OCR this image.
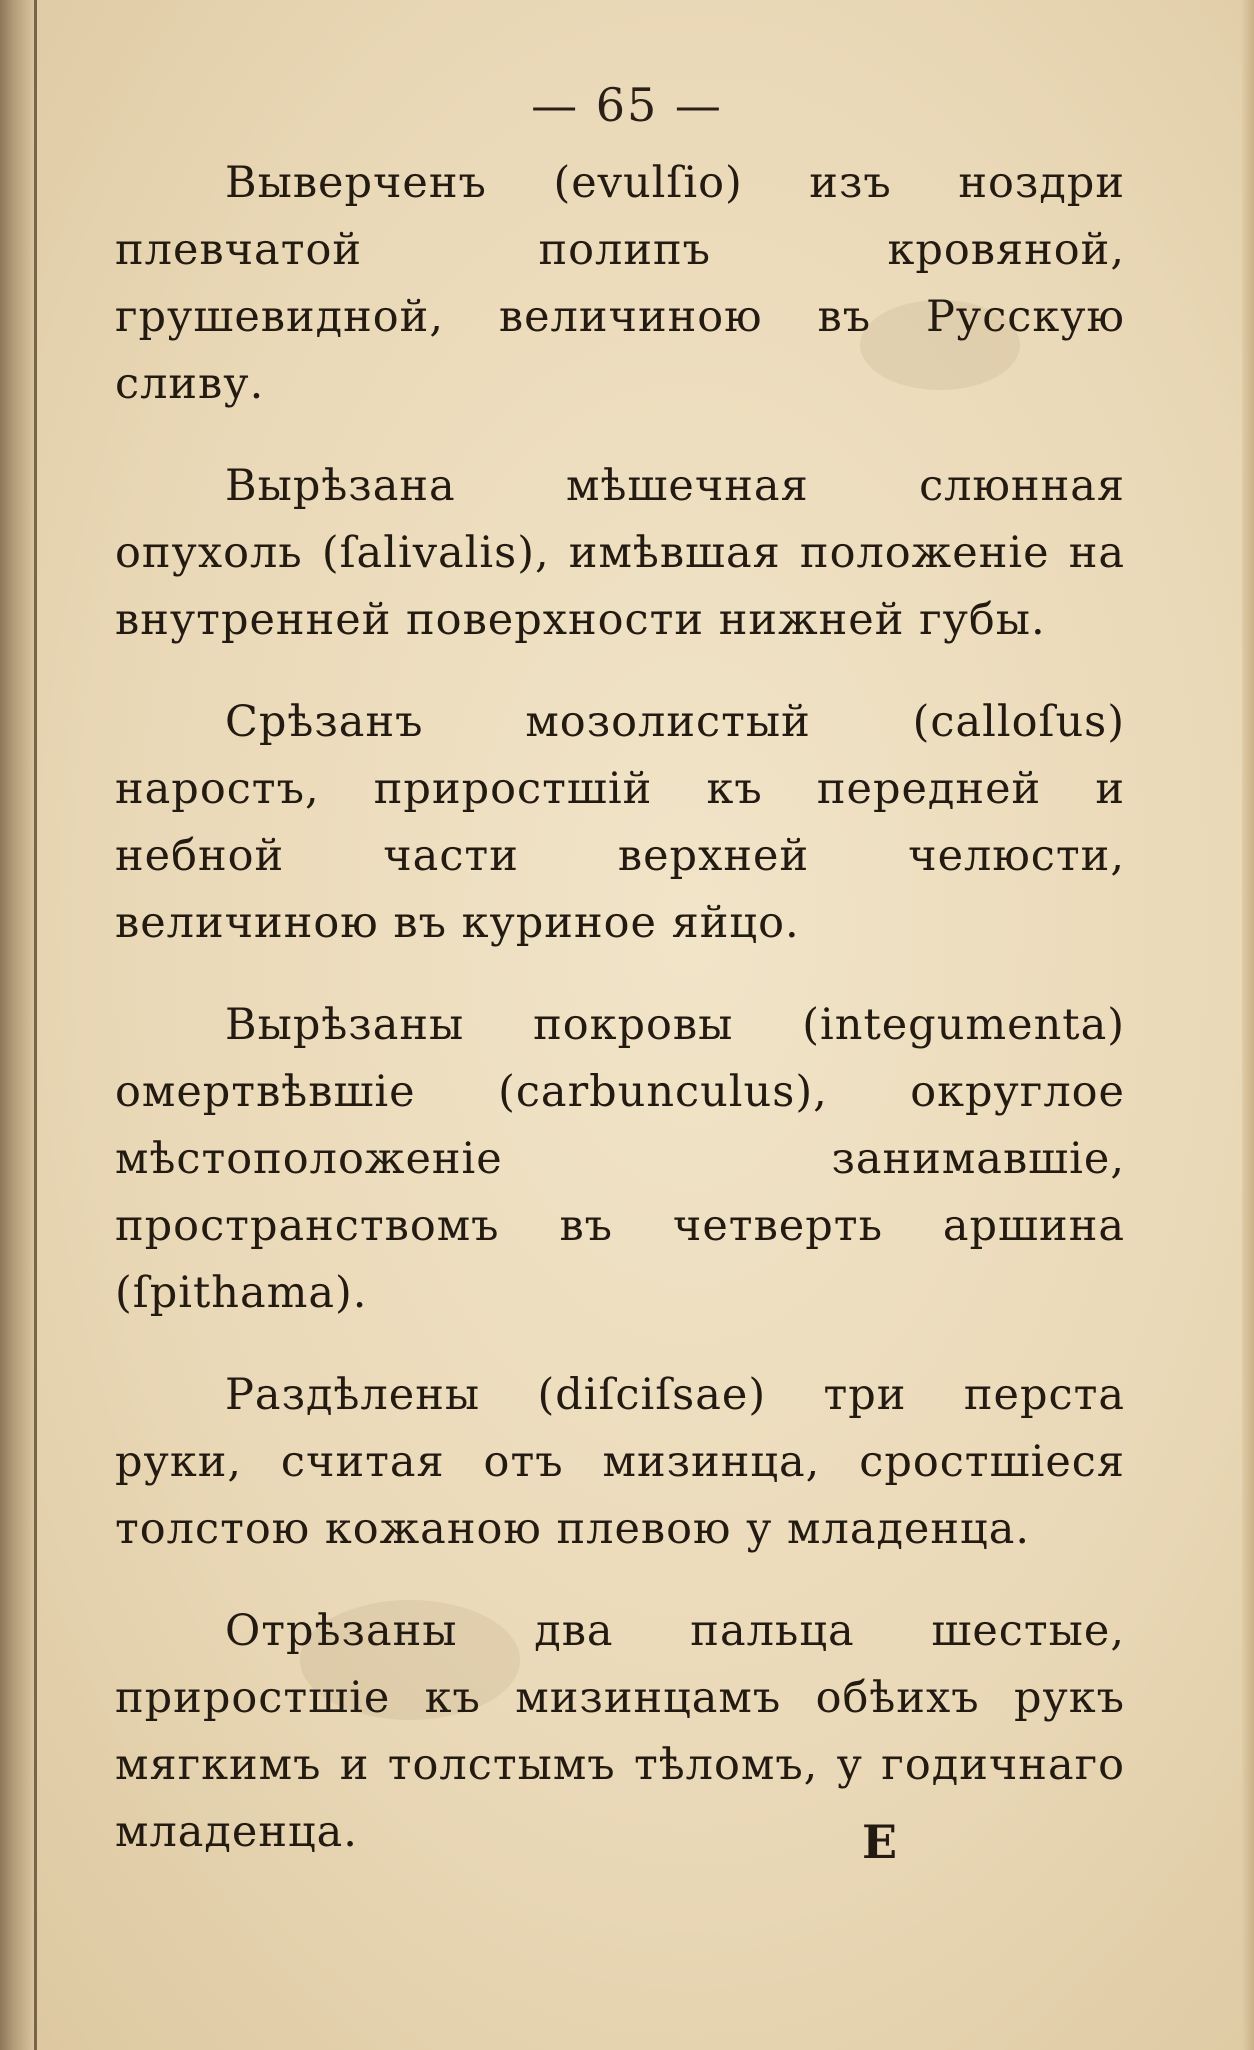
— 65 —

Выверченъ (evulſio) изъ ноздри плевчатой полипъ кровяной, грушевидной, величиною въ Русскую сливу.

Вырѣзана мѣшечная слюнная опухоль (ſalivalis), имѣвшая положеніе на внутренней поверхности нижней губы.

Срѣзанъ мозолистый (calloſus) наростъ, приростшій къ передней и небной части верхней челюсти, величиною въ куриное яйцо.

Вырѣзаны покровы (integumenta) омертвѣвшіе (carbunculus), округлое мѣстоположеніе занимавшіе, пространствомъ въ четверть аршина (ſpithama).

Раздѣлены (diſciſsae) три перста руки, считая отъ мизинца, сростшіеся толстою кожаною плевою у младенца.

Отрѣзаны два пальца шестые, приростшіе къ мизинцамъ обѣихъ рукъ мягкимъ и толстымъ тѣломъ, у годичнаго младенца.	Е
